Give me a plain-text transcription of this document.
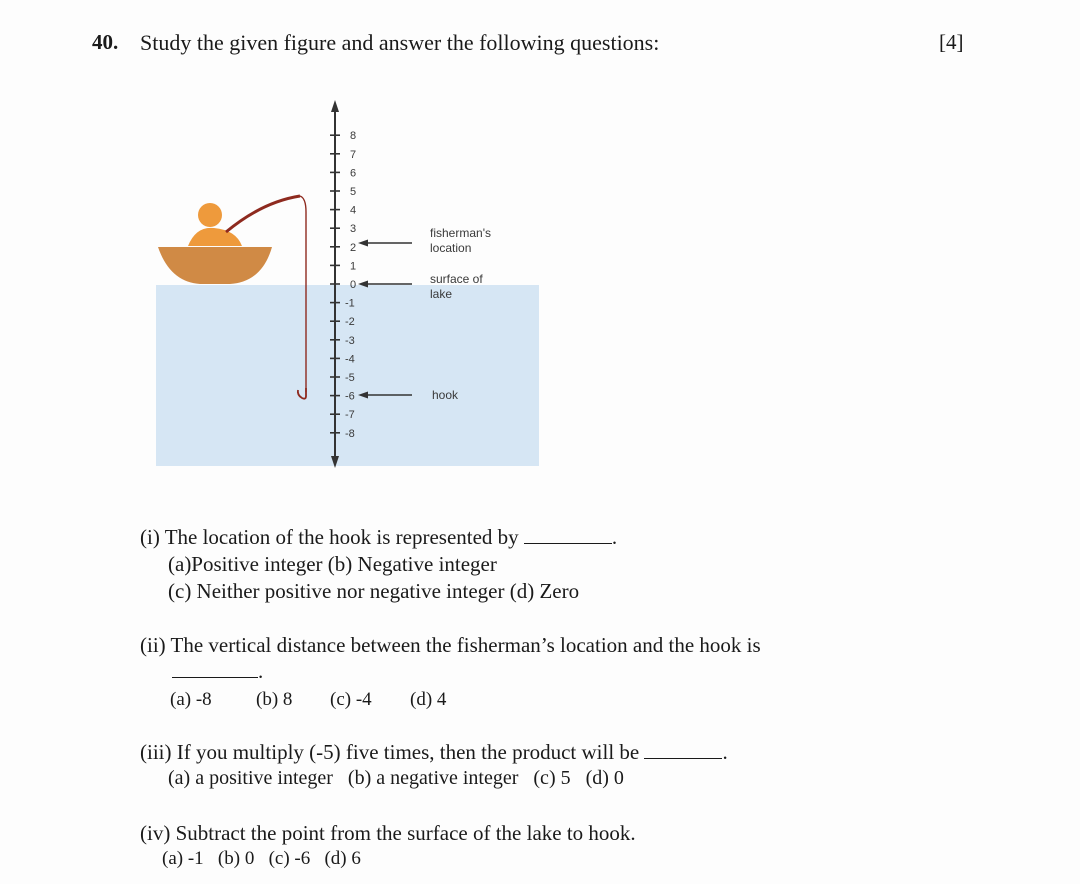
40. Study the given figure and answer the following questions:	[4]
8
7
6
5
4
3
2
1
0
-1
-2
-3
-4
-5
-6
-7
-8
fisherman's
location
surface of
lake
hook
(i) The location of the hook is represented by	.
(a)Positive integer (b) Negative integer
(c) Neither positive nor negative integer (d) Zero
(ii) The vertical distance between the fisherman’s location and the hook is
.
(a) -8 (b) 8 (c) -4 (d) 4
(iii) If you multiply (-5) five times, then the product will be	.
(a) a positive integer   (b) a negative integer   (c) 5   (d) 0
(iv) Subtract the point from the surface of the lake to hook.
(a) -1   (b) 0   (c) -6   (d) 6
